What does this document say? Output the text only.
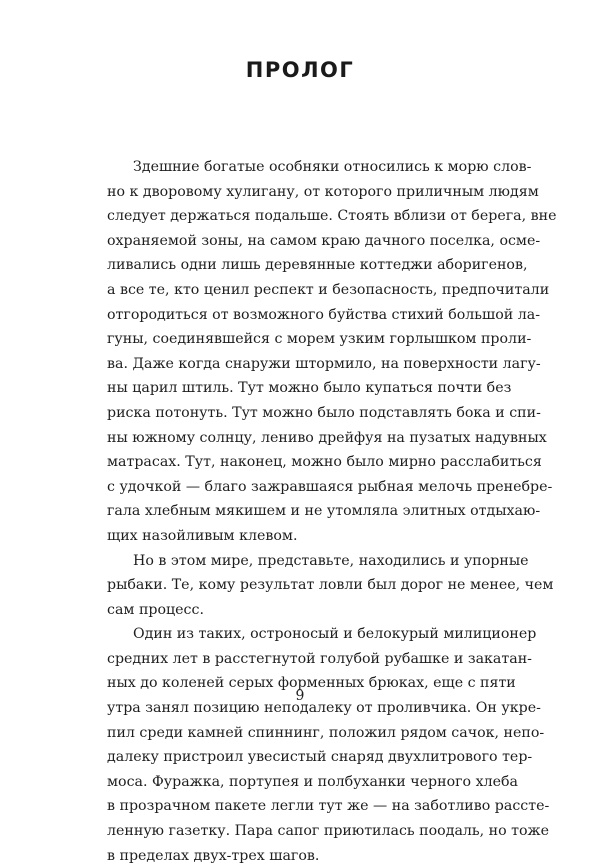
ПРОЛОГ
Здешние богатые особняки относились к морю слов-
но к дворовому хулигану, от которого приличным людям
следует держаться подальше. Стоять вблизи от берега, вне
охраняемой зоны, на самом краю дачного поселка, осме-
ливались одни лишь деревянные коттеджи аборигенов,
а все те, кто ценил респект и безопасность, предпочитали
отгородиться от возможного буйства стихий большой ла-
гуны, соединявшейся с морем узким горлышком проли-
ва. Даже когда снаружи штормило, на поверхности лагу-
ны царил штиль. Тут можно было купаться почти без
риска потонуть. Тут можно было подставлять бока и спи-
ны южному солнцу, лениво дрейфуя на пузатых надувных
матрасах. Тут, наконец, можно было мирно расслабиться
с удочкой — благо зажравшаяся рыбная мелочь пренебре-
гала хлебным мякишем и не утомляла элитных отдыхаю-
щих назойливым клевом.
Но в этом мире, представьте, находились и упорные
рыбаки. Те, кому результат ловли был дорог не менее, чем
сам процесс.
Один из таких, остроносый и белокурый милиционер
средних лет в расстегнутой голубой рубашке и закатан-
ных до коленей серых форменных брюках, еще с пяти
утра занял позицию неподалеку от проливчика. Он укре-
пил среди камней спиннинг, положил рядом сачок, непо-
далеку пристроил увесистый снаряд двухлитрового тер-
моса. Фуражка, портупея и полбуханки черного хлеба
в прозрачном пакете легли тут же — на заботливо рассте-
ленную газетку. Пара сапог приютилась поодаль, но тоже
в пределах двух-трех шагов.
9
